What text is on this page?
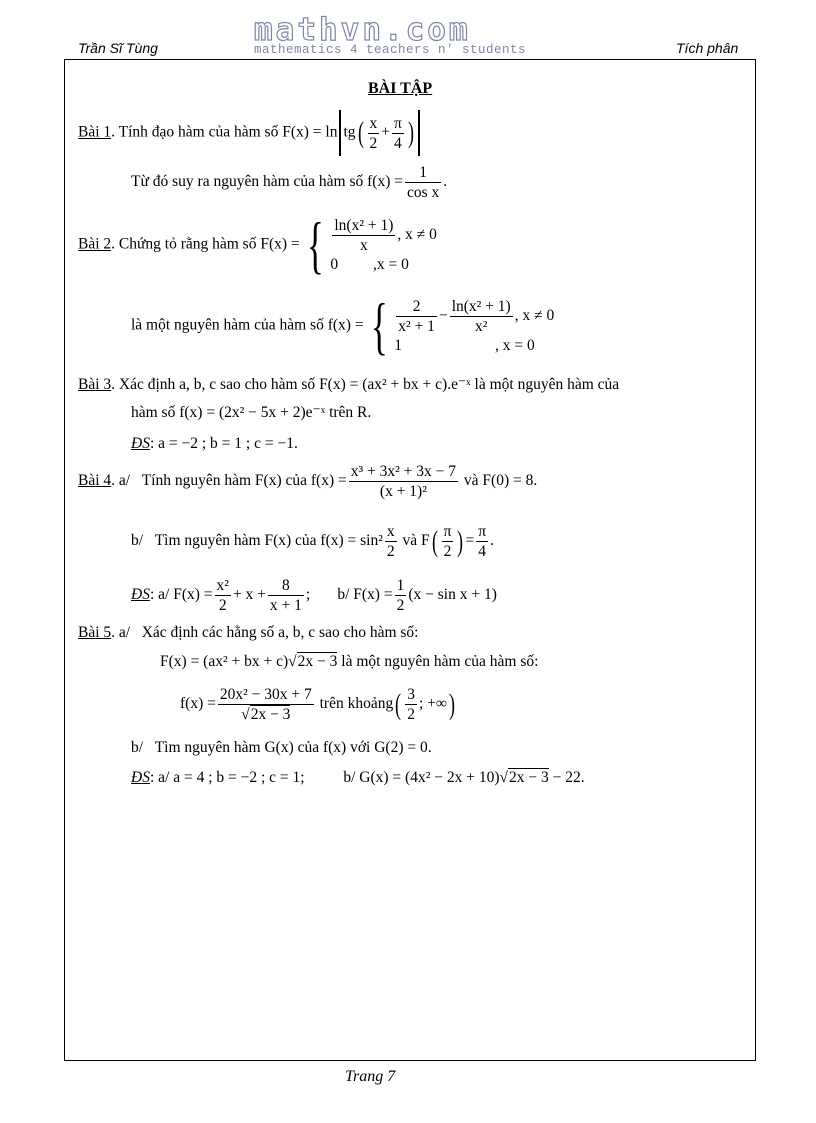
Trần Sĩ Tùng	Tích phân
mathvn.com
mathematics 4 teachers n' students
BÀI TẬP
Bài 1. Tính đạo hàm của hàm số $F(x) = \ln tg( \frac{x}{2} + \frac{\pi}{4}$ )
Từ đó suy ra nguyên hàm của hàm số $f(x) = \frac{1}{\text{cos x}}$ .
Bài 2. Chứng tỏ rằng hàm số F(x) = { $\frac{\text{ln(x² + 1)}}{x}$ , x ≠ 0
0 ,x = 0
là một nguyên hàm của hàm số f(x) = { $\frac{2}{\text{x² + 1}} - \frac{\text{ln(x² + 1)}}{\text{x²}}$ , x ≠ 0
1	, x = 0
Bài 3. Xác định a, b, c sao cho hàm số F(x) = (ax² + bx + c).e⁻ˣ là một nguyên hàm của
hàm số f(x) = (2x² − 5x + 2)e⁻ˣ trên R.
ĐS: a = −2 ; b = 1 ; c = −1.
Bài 4. a/ Tính nguyên hàm F(x) của $f(x) = \frac{\text{x³ + 3x² + 3x − 7}}{\text{(x + 1)²}}$ và F(0) = 8.
b/ Tìm nguyên hàm F(x) của $f(x) = \sin^2 \frac{x}{2}$ và $F( \frac{\pi}{2}$ ) = $\frac{\pi}{4}$ .
ĐS: a/ $F(x) = \frac{\text{x²}}{2} + x + \frac{8}{x + 1}$ ; b/ $F(x) = \frac{1}{2} (x - \sin x + 1)$
Bài 5. a/ Xác định các hằng số a, b, c sao cho hàm số:
F(x) = (ax² + bx + c)√2x − 3 là một nguyên hàm của hàm số:
$f(x) = \frac{\text{20x² − 30x + 7}}{√2x - 3}$ trên khoảng( $\frac{3}{2}$ ; +∞)
b/ Tìm nguyên hàm G(x) của f(x) với G(2) = 0.
ĐS: a/ a = 4 ; b = −2 ; c = 1;	b/ G(x) = (4x² − 2x + 10)√2x − 3 − 22.
Trang 7
